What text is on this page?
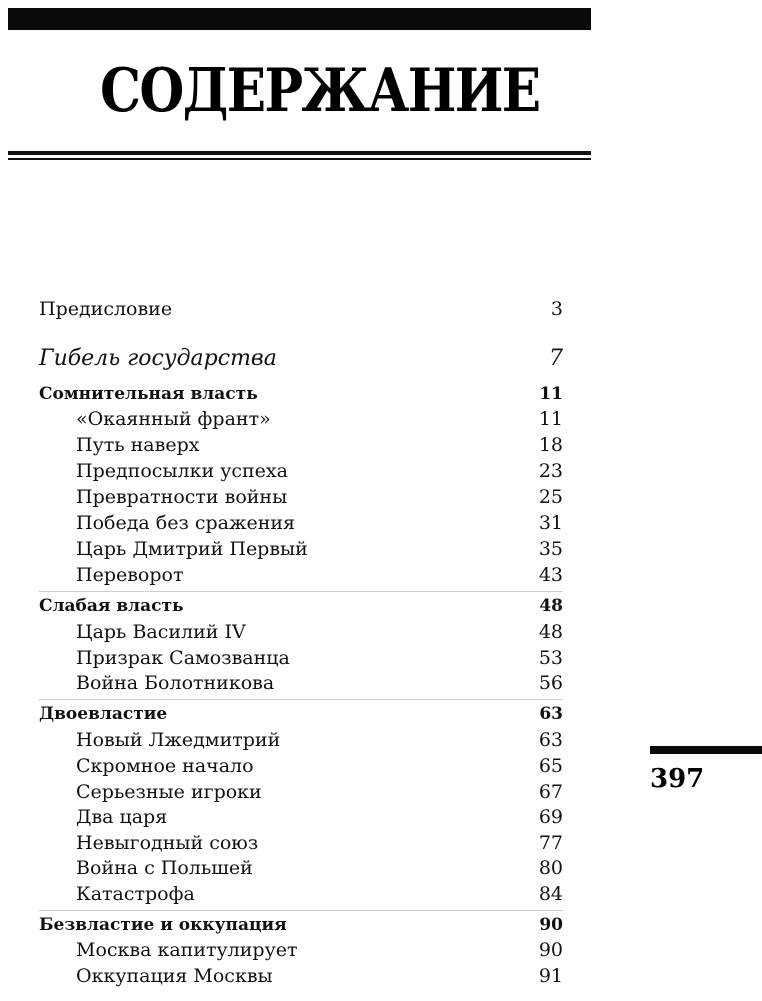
СОДЕРЖАНИЕ
Предисловие	3
Гибель государства	7
Сомнительная власть	11
«Окаянный франт»	11
Путь наверх	18
Предпосылки успеха	23
Превратности войны	25
Победа без сражения	31
Царь Дмитрий Первый	35
Переворот	43
Слабая власть	48
Царь Василий IV	48
Призрак Самозванца	53
Война Болотникова	56
Двоевластие	63
Новый Лжедмитрий	63
Скромное начало	65
Серьезные игроки	67
Два царя	69
Невыгодный союз	77
Война с Польшей	80
Катастрофа	84
Безвластие и оккупация	90
Москва капитулирует	90
Оккупация Москвы	91
397
